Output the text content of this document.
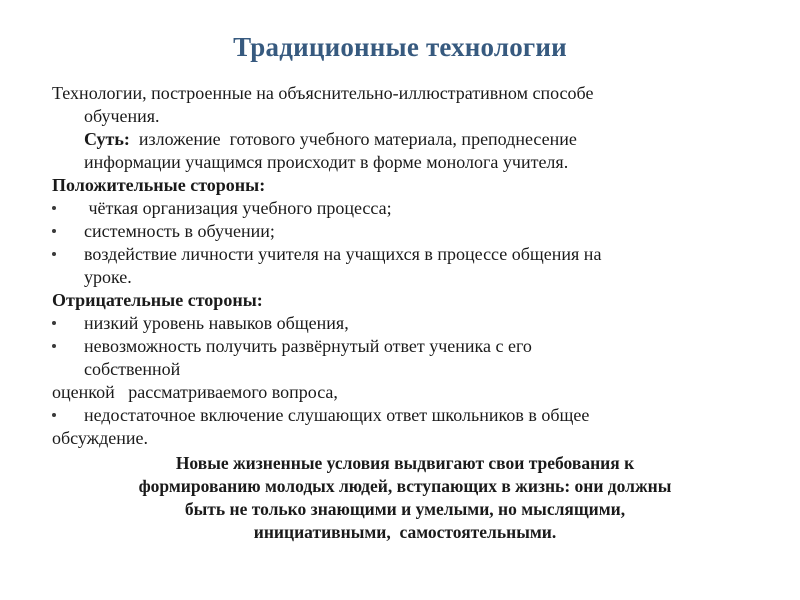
Традиционные технологии
Технологии, построенные на объяснительно-иллюстративном способе
обучения.
Суть:  изложение  готового учебного материала, преподнесение
информации учащимся происходит в форме монолога учителя.
Положительные стороны:
чёткая организация учебного процесса;
системность в обучении;
воздействие личности учителя на учащихся в процессе общения на
уроке.
Отрицательные стороны:
низкий уровень навыков общения,
невозможность получить развёрнутый ответ ученика с его
собственной
оценкой   рассматриваемого вопроса,
недостаточное включение слушающих ответ школьников в общее
обсуждение.
Новые жизненные условия выдвигают свои требования к
формированию молодых людей, вступающих в жизнь: они должны
быть не только знающими и умелыми, но мыслящими,
инициативными,  самостоятельными.
